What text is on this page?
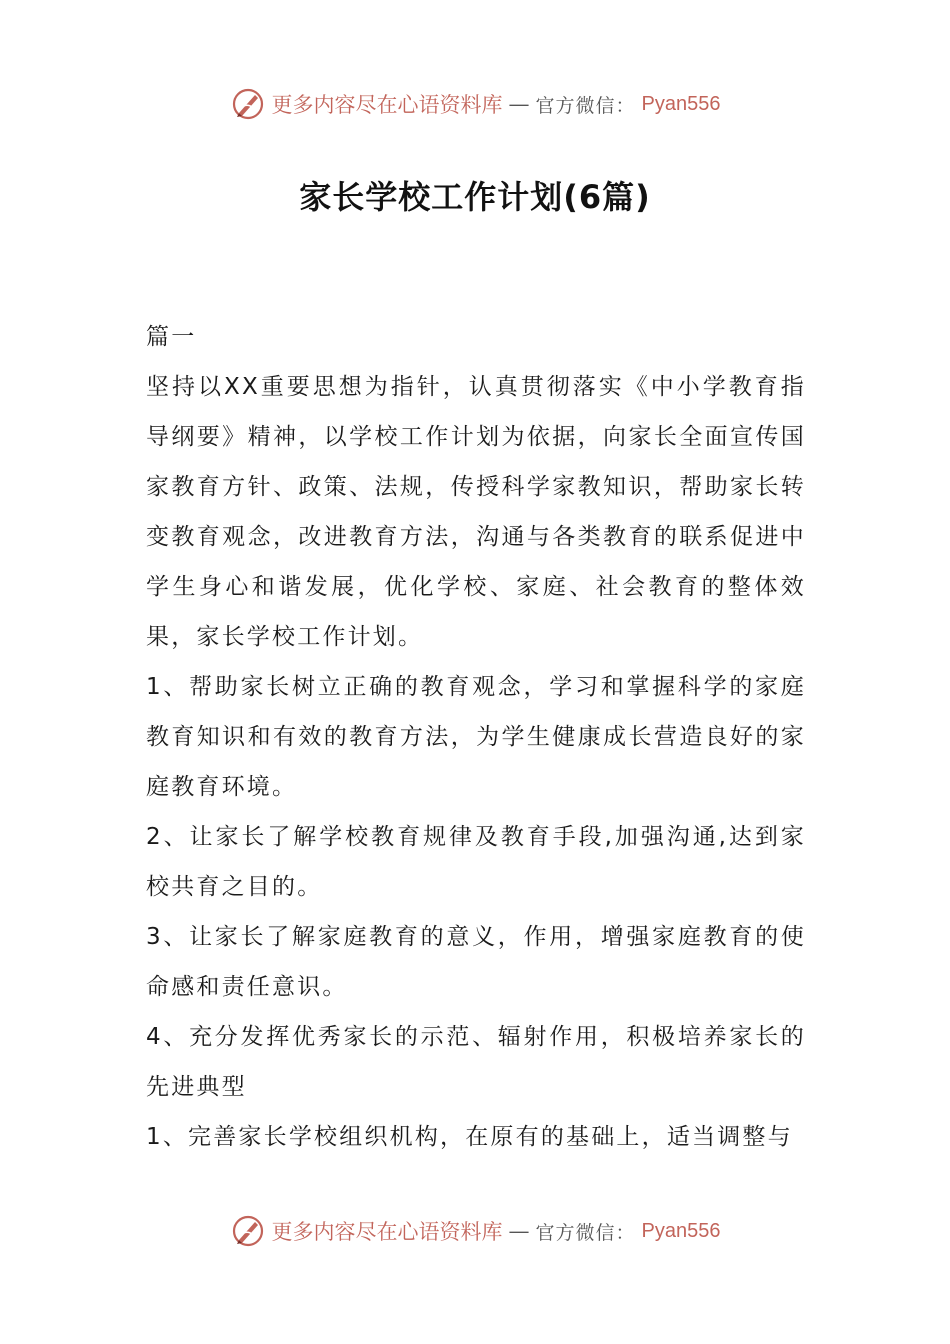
更多内容尽在心语资料库 — 官方微信： Pyan556
家长学校工作计划(6篇)

篇一

坚持以XX重要思想为指针，认真贯彻落实《中小学教育指导纲要》精神，以学校工作计划为依据，向家长全面宣传国家教育方针、政策、法规，传授科学家教知识，帮助家长转变教育观念，改进教育方法，沟通与各类教育的联系促进中学生身心和谐发展，优化学校、家庭、社会教育的整体效果，家长学校工作计划。

1、帮助家长树立正确的教育观念，学习和掌握科学的家庭教育知识和有效的教育方法，为学生健康成长营造良好的家庭教育环境。

2、让家长了解学校教育规律及教育手段,加强沟通,达到家校共育之目的。

3、让家长了解家庭教育的意义，作用，增强家庭教育的使命感和责任意识。

4、充分发挥优秀家长的示范、辐射作用，积极培养家长的先进典型

1、完善家长学校组织机构，在原有的基础上，适当调整与

更多内容尽在心语资料库 — 官方微信： Pyan556
